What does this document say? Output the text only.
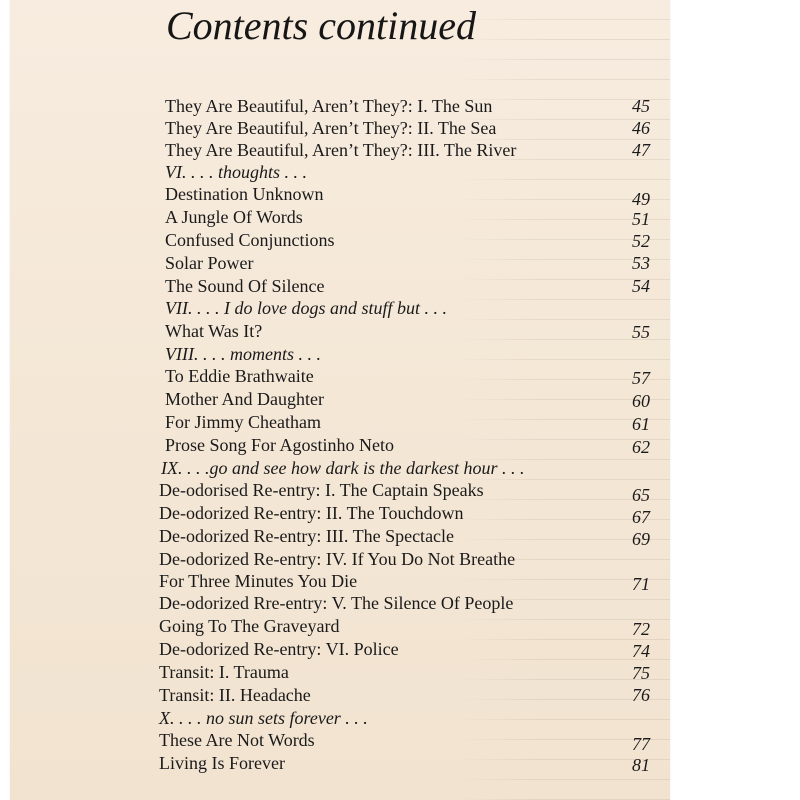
Contents continued
They Are Beautiful, Aren’t They?: I. The Sun	45
They Are Beautiful, Aren’t They?: II. The Sea	46
They Are Beautiful, Aren’t They?: III. The River	47
VI. . . . thoughts . . .
Destination Unknown	49
A Jungle Of Words	51
Confused Conjunctions	52
Solar Power	53
The Sound Of Silence	54
VII. . . . I do love dogs and stuff but . . .
What Was It?	55
VIII. . . . moments . . .
To Eddie Brathwaite	57
Mother And Daughter	60
For Jimmy Cheatham	61
Prose Song For Agostinho Neto	62
IX. . . .go and see how dark is the darkest hour . . .
De-odorised Re-entry: I. The Captain Speaks	65
De-odorized Re-entry: II. The Touchdown	67
De-odorized Re-entry: III. The Spectacle	69
De-odorized Re-entry: IV. If You Do Not Breathe
For Three Minutes You Die	71
De-odorized Rre-entry: V. The Silence Of People
Going To The Graveyard	72
De-odorized Re-entry: VI. Police	74
Transit: I. Trauma	75
Transit: II. Headache	76
X. . . . no sun sets forever . . .
These Are Not Words	77
Living Is Forever	81
